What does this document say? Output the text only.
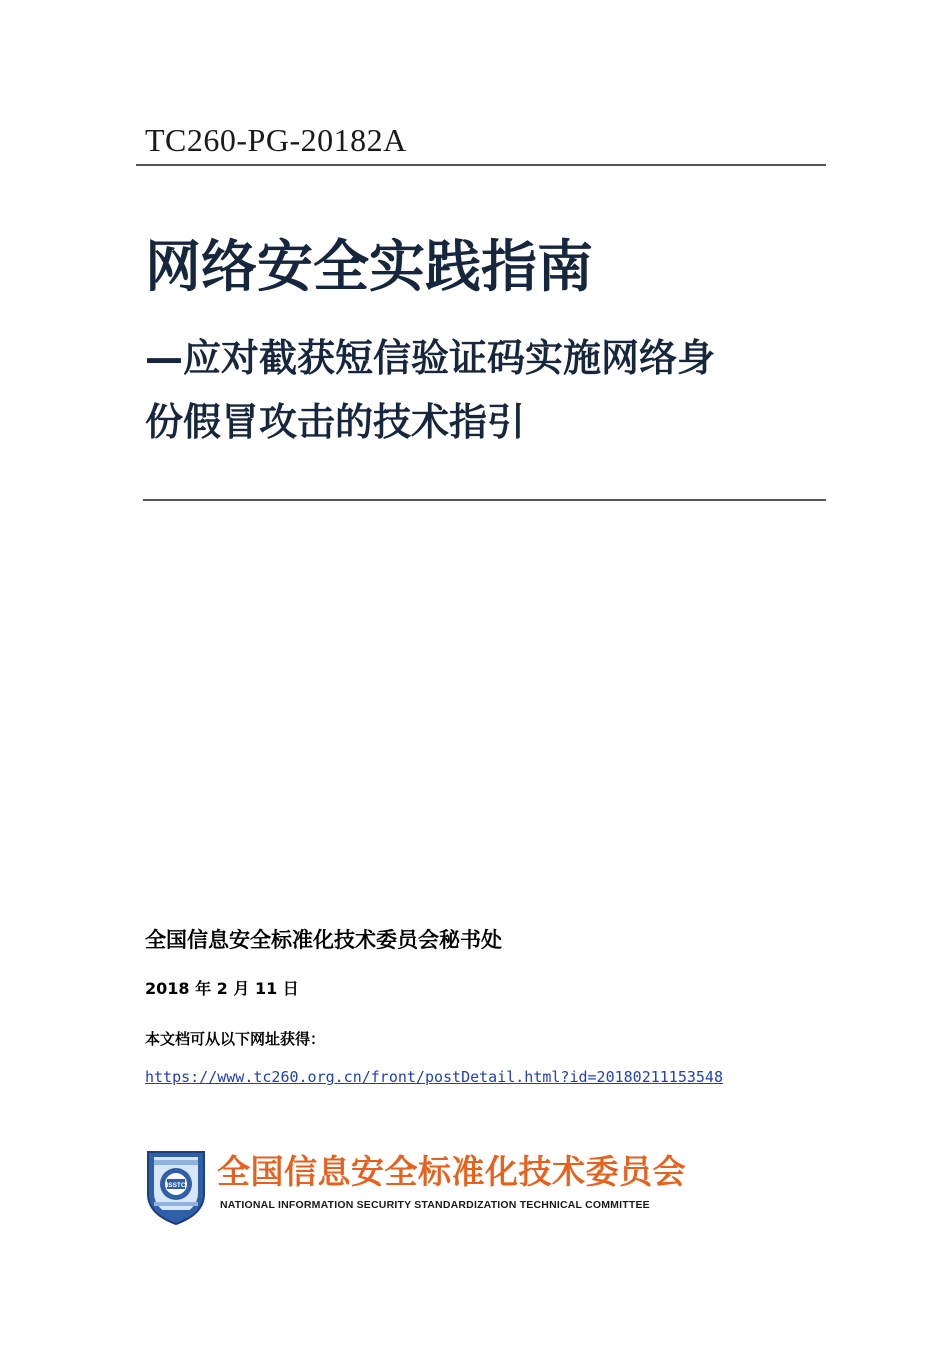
TC260-PG-20182A
网络安全实践指南
—应对截获短信验证码实施网络身
份假冒攻击的技术指引
全国信息安全标准化技术委员会秘书处
2018 年 2 月 11 日
本文档可从以下网址获得：
https://www.tc260.org.cn/front/postDetail.html?id=20180211153548
ISSTC 全国信息安全标准化技术委员会
NATIONAL INFORMATION SECURITY STANDARDIZATION TECHNICAL COMMITTEE
